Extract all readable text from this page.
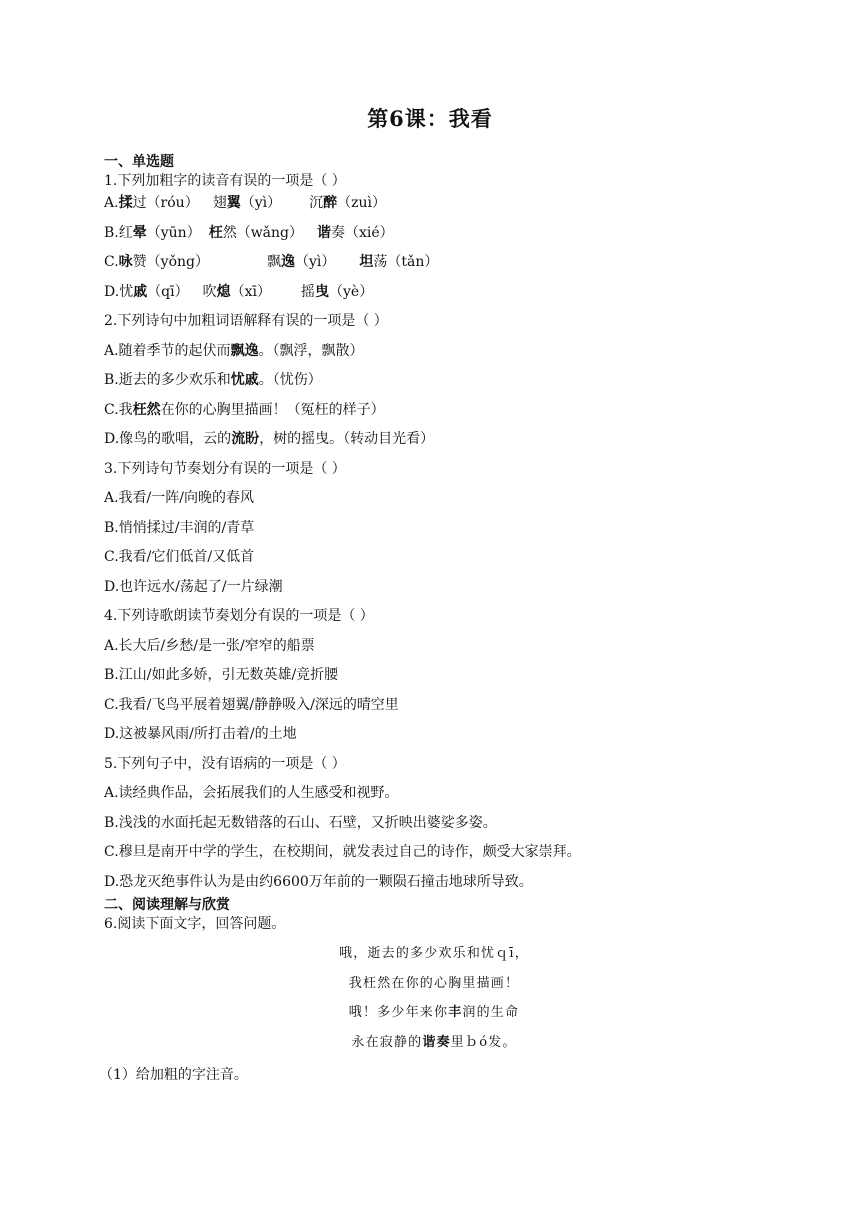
第6课：我看
一、单选题
1.下列加粗字的读音有误的一项是（ ）
A.揉过（róu） 翅翼（yì） 沉醉（zuì）
B.红晕（yūn） 枉然（wǎng） 谐奏（xié）
C.咏赞（yǒng）	飘逸（yì） 坦荡（tǎn）
D.忧戚（qī） 吹熄（xī） 摇曳（yè）
2.下列诗句中加粗词语解释有误的一项是（ ）
A.随着季节的起伏而飘逸。（飘浮，飘散）
B.逝去的多少欢乐和忧戚。（忧伤）
C.我枉然在你的心胸里描画！（冤枉的样子）
D.像鸟的歌唱，云的流盼，树的摇曳。（转动目光看）
3.下列诗句节奏划分有误的一项是（ ）
A.我看/一阵/向晚的春风
B.悄悄揉过/丰润的/青草
C.我看/它们低首/又低首
D.也许远水/荡起了/一片绿潮
4.下列诗歌朗读节奏划分有误的一项是（ ）
A.长大后/乡愁/是一张/窄窄的船票
B.江山/如此多娇，引无数英雄/竞折腰
C.我看/飞鸟平展着翅翼/静静吸入/深远的晴空里
D.这被暴风雨/所打击着/的土地
5.下列句子中，没有语病的一项是（ ）
A.读经典作品，会拓展我们的人生感受和视野。
B.浅浅的水面托起无数错落的石山、石壁，又折映出婆娑多姿。
C.穆旦是南开中学的学生，在校期间，就发表过自己的诗作，颇受大家崇拜。
D.恐龙灭绝事件认为是由约6600万年前的一颗陨石撞击地球所导致。
二、阅读理解与欣赏
6.阅读下面文字，回答问题。
哦，逝去的多少欢乐和忧ｑī，
我枉然在你的心胸里描画！
哦！多少年来你丰润的生命
永在寂静的谐奏里ｂó发。
（1）给加粗的字注音。
